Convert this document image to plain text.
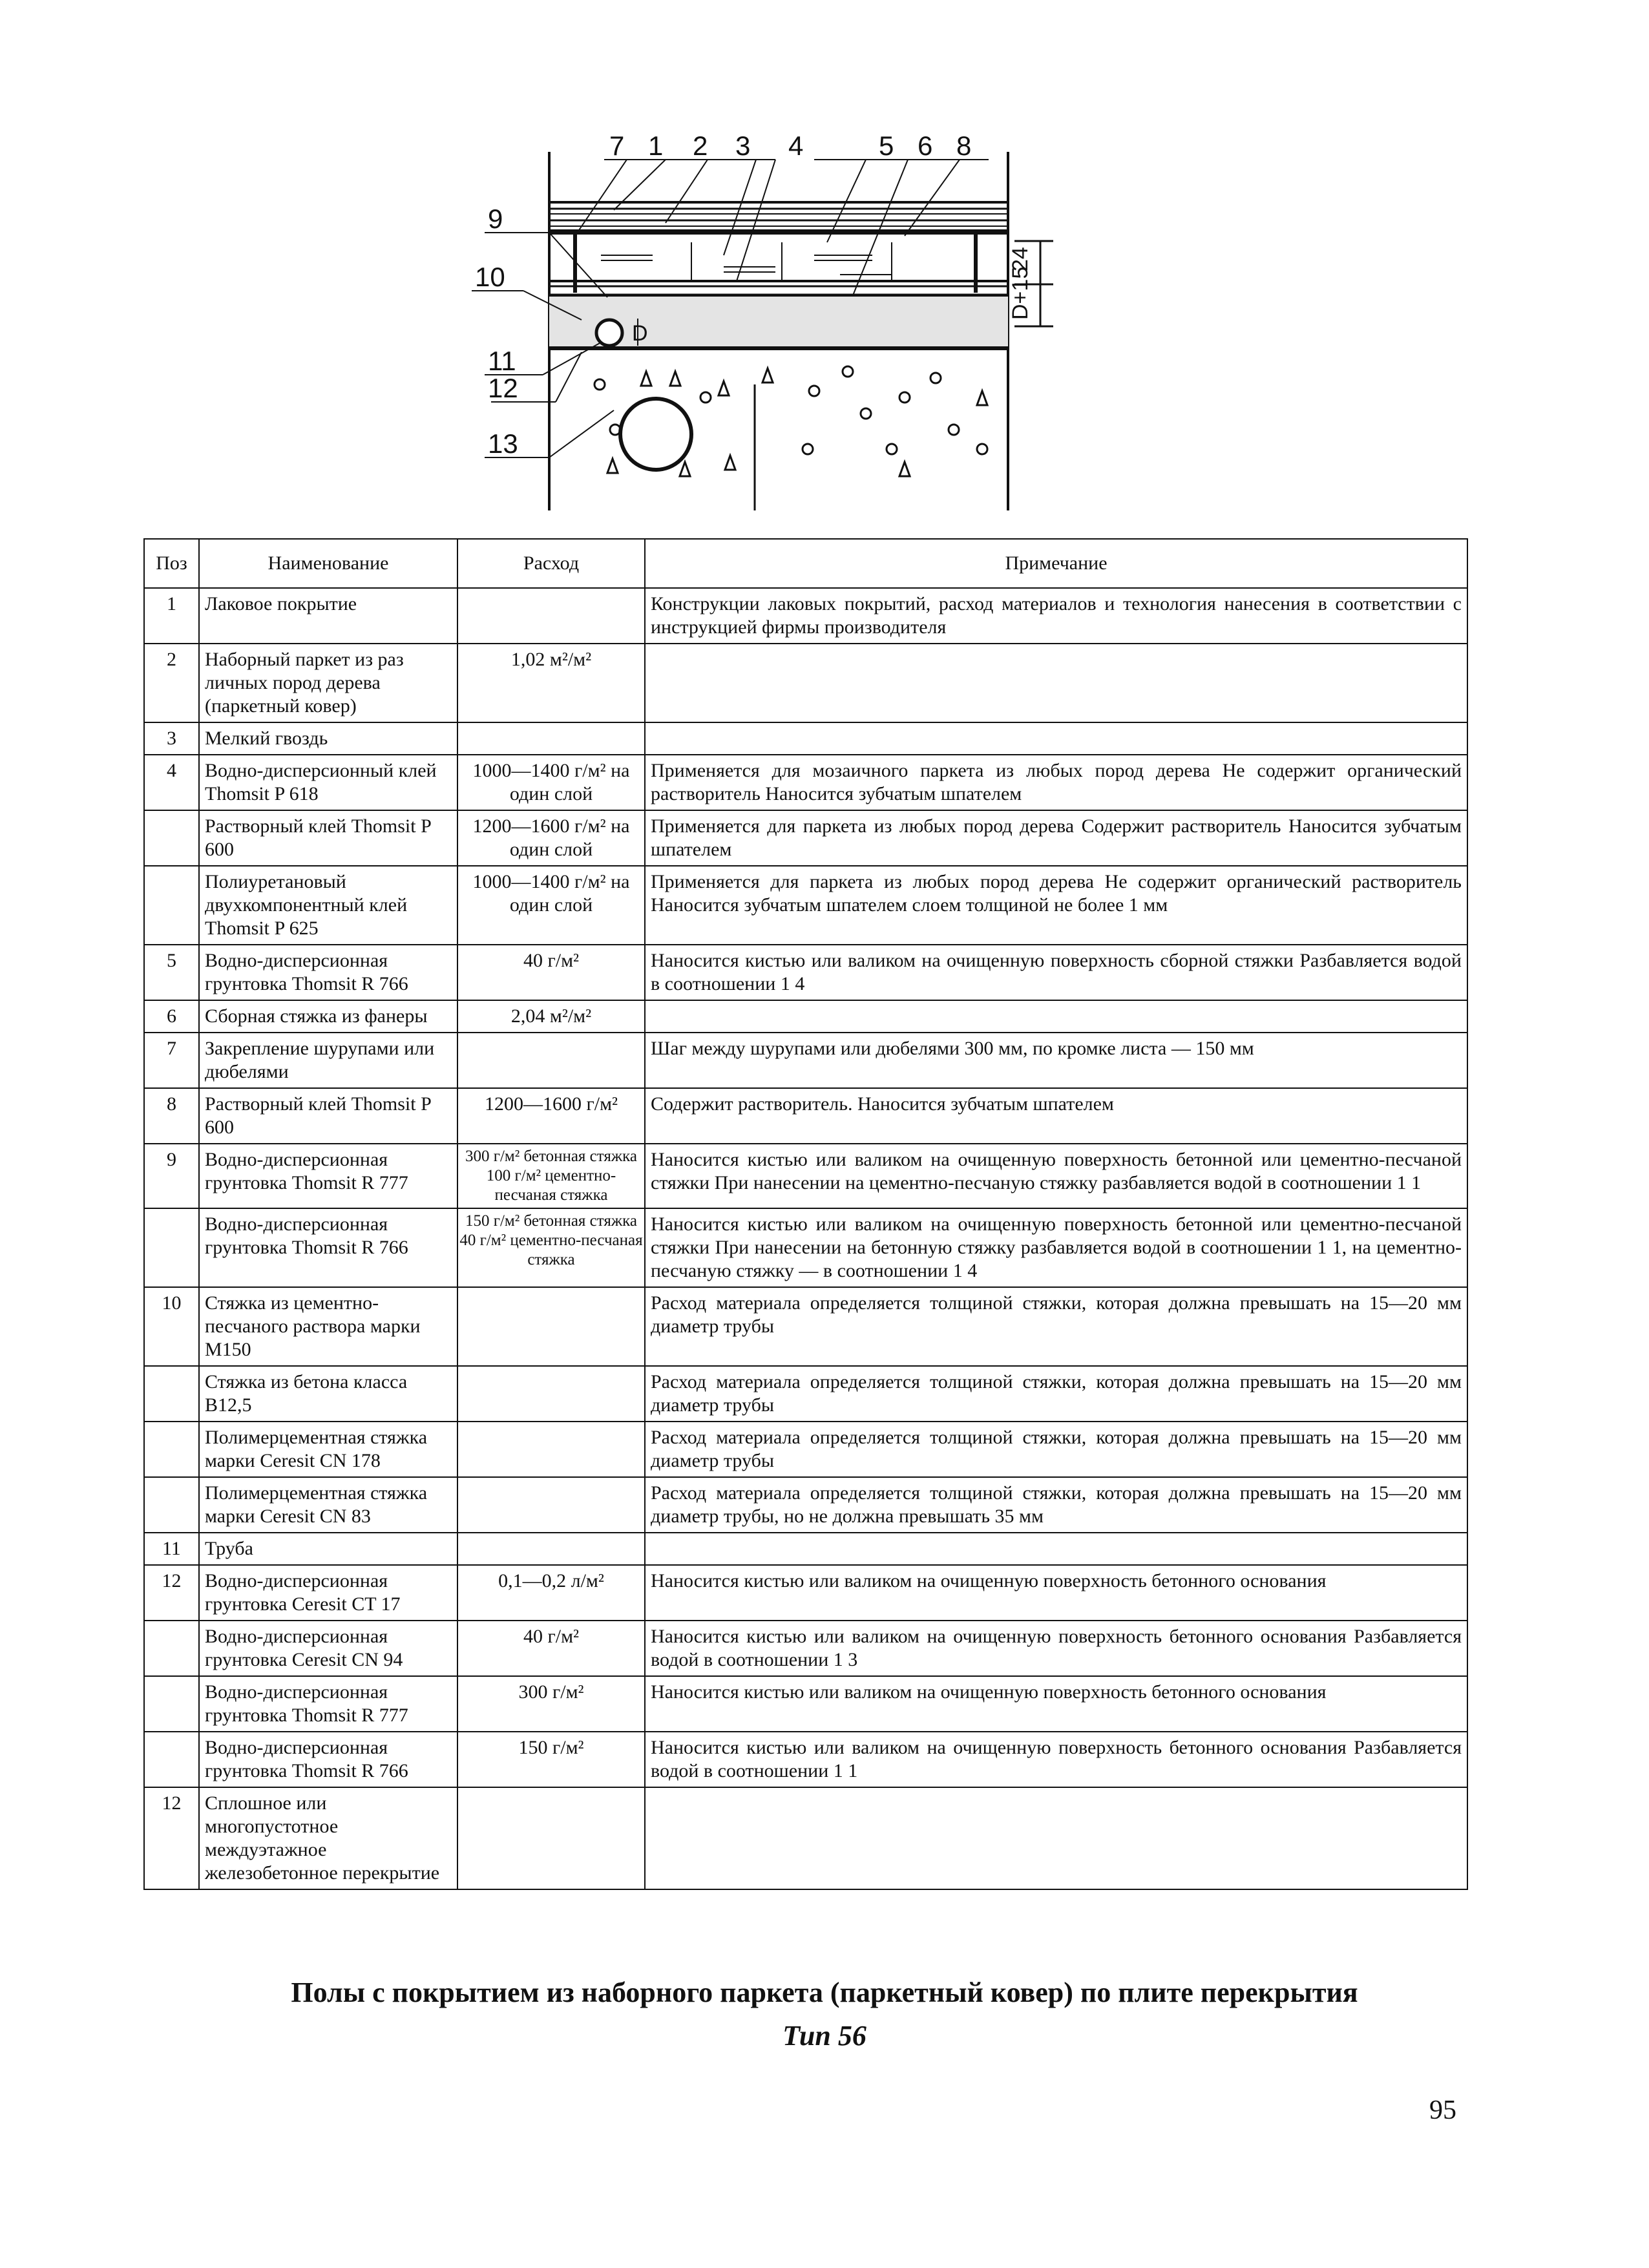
24
D+15
D
7 1 2 3 4	5 6 8
9
10
11
12
13
Поз	Наименование	Расход	Примечание
1	Лаковое покрытие		Конструкции лаковых покрытий, расход материалов и технология нанесения в соответствии с инструкцией фирмы производителя
2	Наборный паркет из раз личных пород дерева (паркетный ковер)	1,02 м²/м²	
3	Мелкий гвоздь		
4	Водно-дисперсионный клей Thomsit P 618	1000—1400 г/м² на один слой	Применяется для мозаичного паркета из любых пород дерева Не содержит органический растворитель Наносится зубчатым шпателем
	Растворный клей Thomsit P 600	1200—1600 г/м² на один слой	Применяется для паркета из любых пород дерева Содержит растворитель Наносится зубчатым шпателем
	Полиуретановый двухкомпонентный клей Thomsit P 625	1000—1400 г/м² на один слой	Применяется для паркета из любых пород дерева Не содержит органический растворитель Наносится зубчатым шпателем слоем толщиной не более 1 мм
5	Водно-дисперсионная грунтовка Thomsit R 766	40 г/м²	Наносится кистью или валиком на очищенную поверхность сборной стяжки Разбавляется водой в соотношении 1 4
6	Сборная стяжка из фанеры	2,04 м²/м²	
7	Закрепление шурупами или дюбелями		Шаг между шурупами или дюбелями 300 мм, по кромке листа — 150 мм
8	Растворный клей Thomsit P 600	1200—1600 г/м²	Содержит растворитель. Наносится зубчатым шпателем
9	Водно-дисперсионная грунтовка Thomsit R 777	300 г/м² бетонная стяжка 100 г/м² цементно-песчаная стяжка	Наносится кистью или валиком на очищенную поверхность бетонной или цементно-песчаной стяжки При нанесении на цементно-песчаную стяжку разбавляется водой в соотношении 1 1
	Водно-дисперсионная грунтовка Thomsit R 766	150 г/м² бетонная стяжка 40 г/м² цементно-песчаная стяжка	Наносится кистью или валиком на очищенную поверхность бетонной или цементно-песчаной стяжки При нанесении на бетонную стяжку разбавляется водой в соотношении 1 1, на цементно-песчаную стяжку — в соотношении 1 4
10	Стяжка из цементно-песчаного раствора марки М150		Расход материала определяется толщиной стяжки, которая должна превышать на 15—20 мм диаметр трубы
	Стяжка из бетона класса В12,5		Расход материала определяется толщиной стяжки, которая должна превышать на 15—20 мм диаметр трубы
	Полимерцементная стяжка марки Ceresit CN 178		Расход материала определяется толщиной стяжки, которая должна превышать на 15—20 мм диаметр трубы
	Полимерцементная стяжка марки Ceresit CN 83		Расход материала определяется толщиной стяжки, которая должна превышать на 15—20 мм диаметр трубы, но не должна превышать 35 мм
11	Труба		
12	Водно-дисперсионная грунтовка Ceresit CT 17	0,1—0,2 л/м²	Наносится кистью или валиком на очищенную поверхность бетонного основания
	Водно-дисперсионная грунтовка Ceresit CN 94	40 г/м²	Наносится кистью или валиком на очищенную поверхность бетонного основания Разбавляется водой в соотношении 1 3
	Водно-дисперсионная грунтовка Thomsit R 777	300 г/м²	Наносится кистью или валиком на очищенную поверхность бетонного основания
	Водно-дисперсионная грунтовка Thomsit R 766	150 г/м²	Наносится кистью или валиком на очищенную поверхность бетонного основания Разбавляется водой в соотношении 1 1
12	Сплошное или многопустотное междуэтажное железобетонное перекрытие		
Полы с покрытием из наборного паркета (паркетный ковер) по плите перекрытия
Тип 56
95
